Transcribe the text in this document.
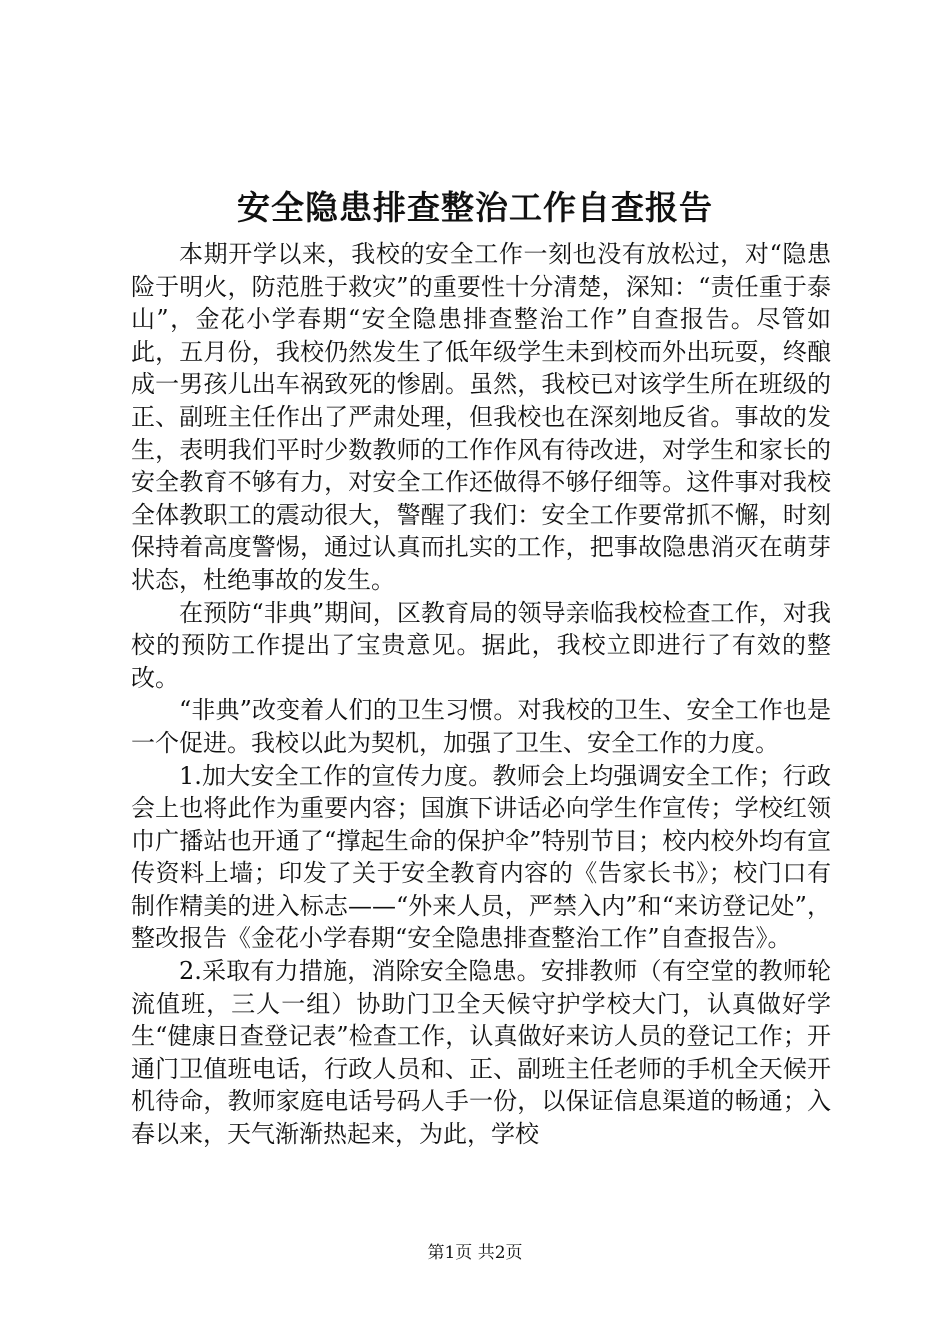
安全隐患排查整治工作自查报告

本期开学以来，我校的安全工作一刻也没有放松过，对“隐患险于明火，防范胜于救灾”的重要性十分清楚，深知：“责任重于泰山”，金花小学春期“安全隐患排查整治工作”自查报告。尽管如此，五月份，我校仍然发生了低年级学生未到校而外出玩耍，终酿成一男孩儿出车祸致死的惨剧。虽然，我校已对该学生所在班级的正、副班主任作出了严肃处理，但我校也在深刻地反省。事故的发生，表明我们平时少数教师的工作作风有待改进，对学生和家长的安全教育不够有力，对安全工作还做得不够仔细等。这件事对我校全体教职工的震动很大，警醒了我们：安全工作要常抓不懈，时刻保持着高度警惕，通过认真而扎实的工作，把事故隐患消灭在萌芽状态，杜绝事故的发生。

在预防“非典”期间，区教育局的领导亲临我校检查工作，对我校的预防工作提出了宝贵意见。据此，我校立即进行了有效的整改。

“非典”改变着人们的卫生习惯。对我校的卫生、安全工作也是一个促进。我校以此为契机，加强了卫生、安全工作的力度。

1.加大安全工作的宣传力度。教师会上均强调安全工作；行政会上也将此作为重要内容；国旗下讲话必向学生作宣传；学校红领巾广播站也开通了“撑起生命的保护伞”特别节目；校内校外均有宣传资料上墙；印发了关于安全教育内容的《告家长书》；校门口有制作精美的进入标志——“外来人员，严禁入内”和“来访登记处”，整改报告《金花小学春期“安全隐患排查整治工作”自查报告》。

2.采取有力措施，消除安全隐患。安排教师（有空堂的教师轮流值班，三人一组）协助门卫全天候守护学校大门，认真做好学生“健康日查登记表”检查工作，认真做好来访人员的登记工作；开通门卫值班电话，行政人员和、正、副班主任老师的手机全天候开机待命，教师家庭电话号码人手一份，以保证信息渠道的畅通；入春以来，天气渐渐热起来，为此，学校

第1页 共2页
